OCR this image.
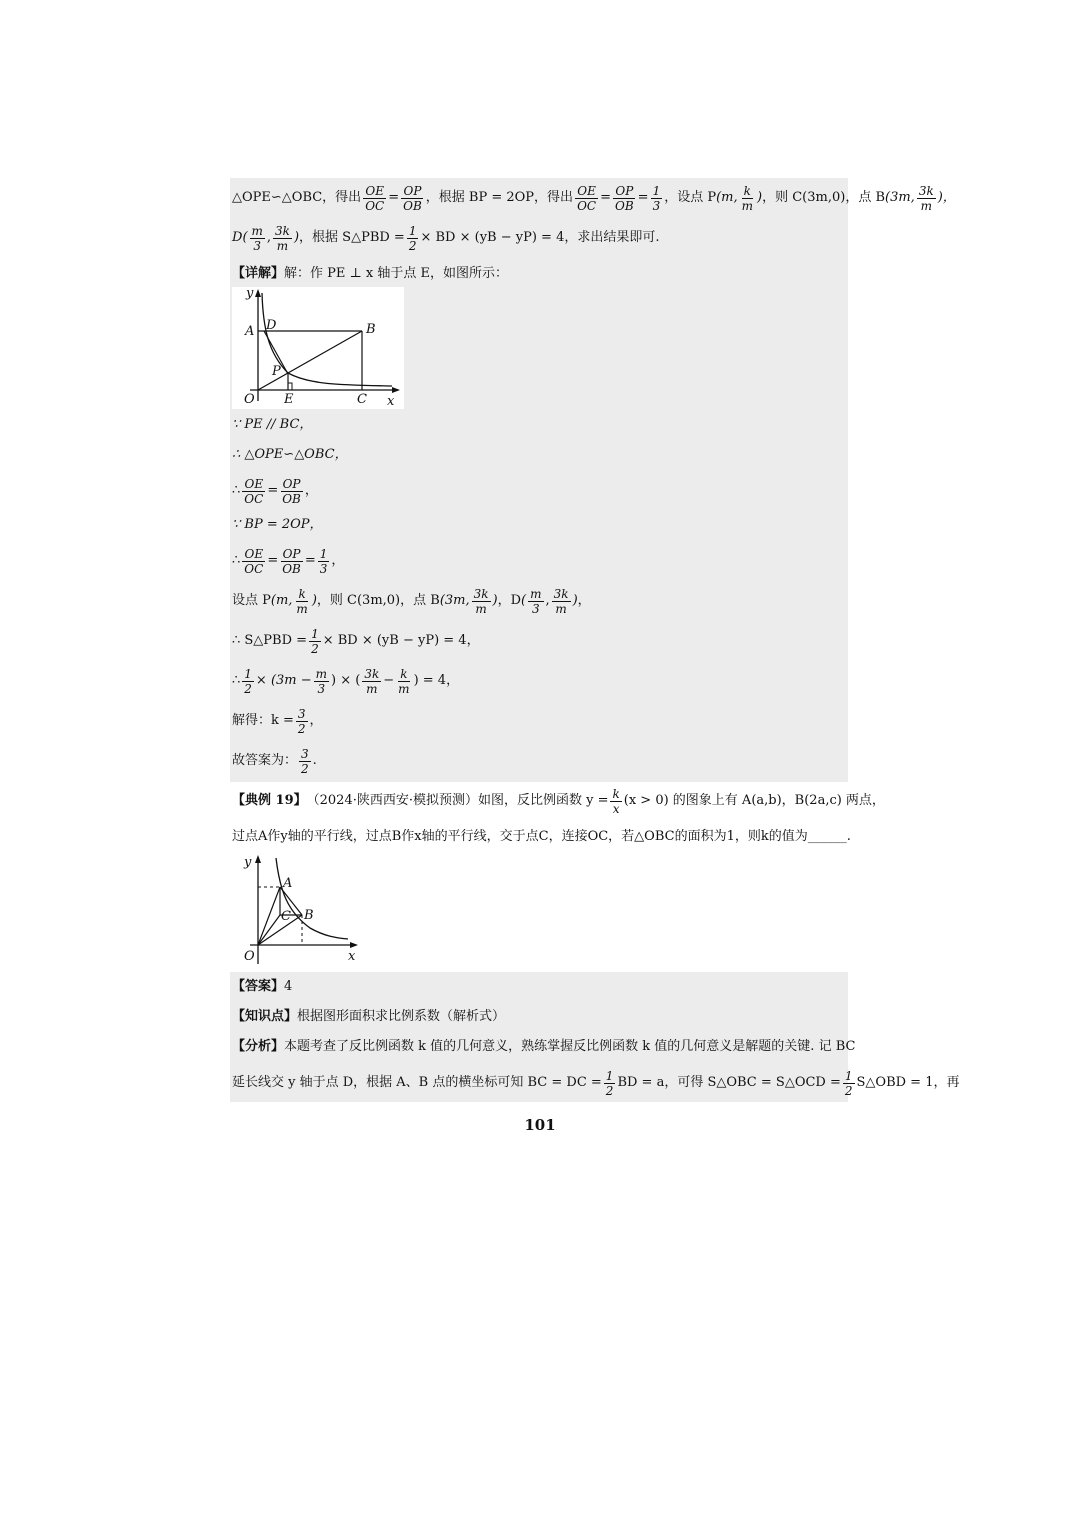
△OPE∽△OBC，得出 $\frac{OE}{OC} = \frac{OP}{OB}$ ，根据 BP = 2OP，得出 $\frac{OE}{OC} = \frac{OP}{OB} = \frac{1}{3}$ ，设点 P (m, $\frac{k}{m}$ ) ，则 C(3m,0)，点 B (3m, $\frac{3k}{m}$ )，
D ( $\frac{m}{3}$ , $\frac{3k}{m}$ ) ，根据 S△PBD = $\frac{1}{2}$ × BD × (yB − yP) = 4，求出结果即可.
【详解】 解：作 PE ⊥ x 轴于点 E，如图所示：
y
A D	B
P
O E	C x
∵ PE // BC，
∴ △OPE∽△OBC，
∴ $\frac{OE}{OC} = \frac{OP}{OB}$ ，
∵ BP = 2OP，
∴ $\frac{OE}{OC} = \frac{OP}{OB} = \frac{1}{3}$ ，
设点 P (m, $\frac{k}{m}$ ) ，则 C(3m,0)，点 B (3m, $\frac{3k}{m}$ ) ，D ( $\frac{m}{3}$ , $\frac{3k}{m}$ ) ，
∴ S△PBD = $\frac{1}{2}$ × BD × (yB − yP) = 4，
∴ $\frac{1}{2} \times (3m - \frac{m}{3}$ ) × ( $\frac{3k}{m} - \frac{k}{m}$ ) = 4，
解得：$k = \frac{3}{2}$ ，
故答案为： $\frac{3}{2}$ .
【典例 19】 （2024·陕西西安·模拟预测）如图，反比例函数 $y = \frac{k}{x} (x > 0)$ 的图象上有 A(a,b)，B(2a,c) 两点，
过点A作y轴的平行线，过点B作x轴的平行线，交于点C，连接OC，若△OBC的面积为1，则k的值为______.
y
A
C B
O	x
【答案】 4
【知识点】 根据图形面积求比例系数（解析式）
【分析】 本题考查了反比例函数 k 值的几何意义，熟练掌握反比例函数 k 值的几何意义是解题的关键. 记 BC
延长线交 y 轴于点 D，根据 A、B 点的横坐标可知 BC = DC = $\frac{1}{2}$ BD = a，可得 S△OBC = S△OCD = $\frac{1}{2}$ S△OBD = 1，再
101
